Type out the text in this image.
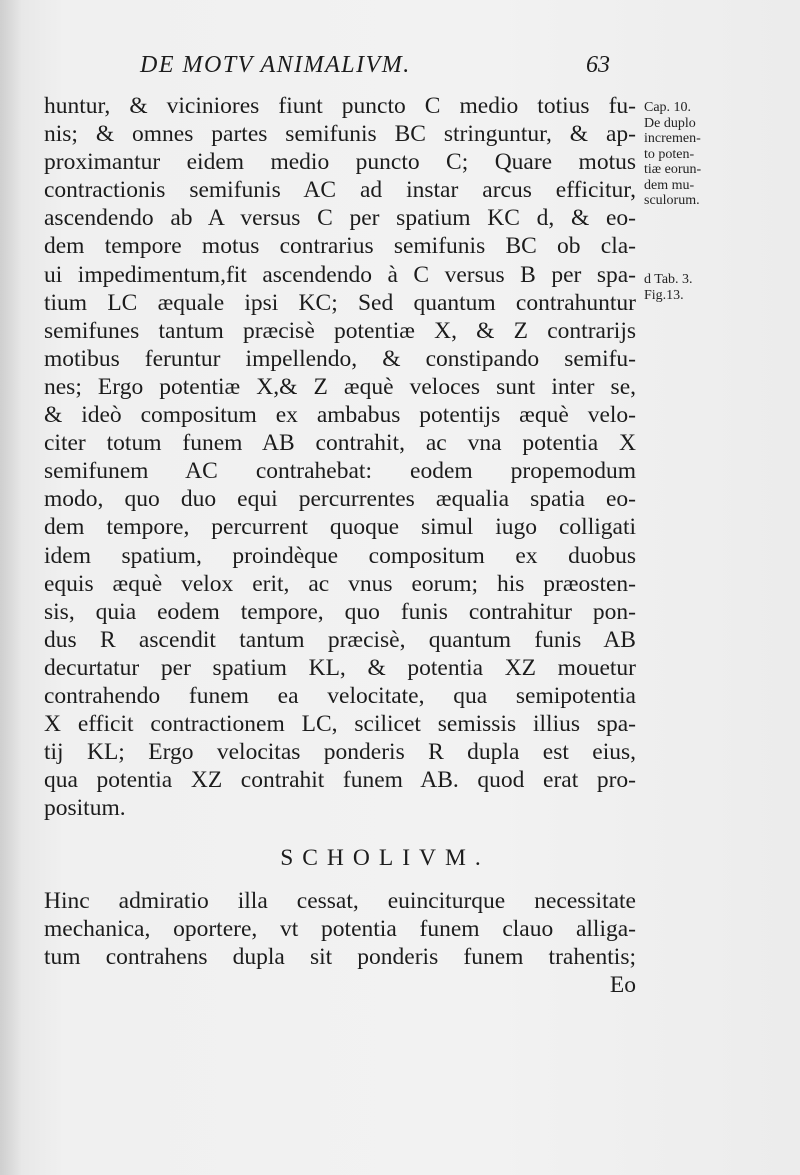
DE MOTV ANIMALIVM.	63
huntur, & viciniores fiunt puncto C medio totius fu-
nis; & omnes partes semifunis BC stringuntur, & ap-
proximantur eidem medio puncto C; Quare motus
contractionis semifunis AC ad instar arcus efficitur,
ascendendo ab A versus C per spatium KC d, & eo-
dem tempore motus contrarius semifunis BC ob cla-
ui impedimentum,fit ascendendo à C versus B per spa-
tium LC æquale ipsi KC; Sed quantum contrahuntur
semifunes tantum præcisè potentiæ X, & Z contrarijs
motibus feruntur impellendo, & constipando semifu-
nes; Ergo potentiæ X,& Z æquè veloces sunt inter se,
& ideò compositum ex ambabus potentijs æquè velo-
citer totum funem AB contrahit, ac vna potentia X
semifunem AC contrahebat: eodem propemodum
modo, quo duo equi percurrentes æqualia spatia eo-
dem tempore, percurrent quoque simul iugo colligati
idem spatium, proindèque compositum ex duobus
equis æquè velox erit, ac vnus eorum; his præosten-
sis, quia eodem tempore, quo funis contrahitur pon-
dus R ascendit tantum præcisè, quantum funis AB
decurtatur per spatium KL, & potentia XZ mouetur
contrahendo funem ea velocitate, qua semipotentia
X efficit contractionem LC, scilicet semissis illius spa-
tij KL; Ergo velocitas ponderis R dupla est eius,
qua potentia XZ contrahit funem AB. quod erat pro-
positum.
SCHOLIVM.
Hinc admiratio illa cessat, euinciturque necessitate
mechanica, oportere, vt potentia funem clauo alliga-
tum contrahens dupla sit ponderis funem trahentis;
Eo
Cap. 10.
De duplo
incremen-
to poten-
tiæ eorun-
dem mu-
sculorum.
d Tab. 3.
Fig.13.
